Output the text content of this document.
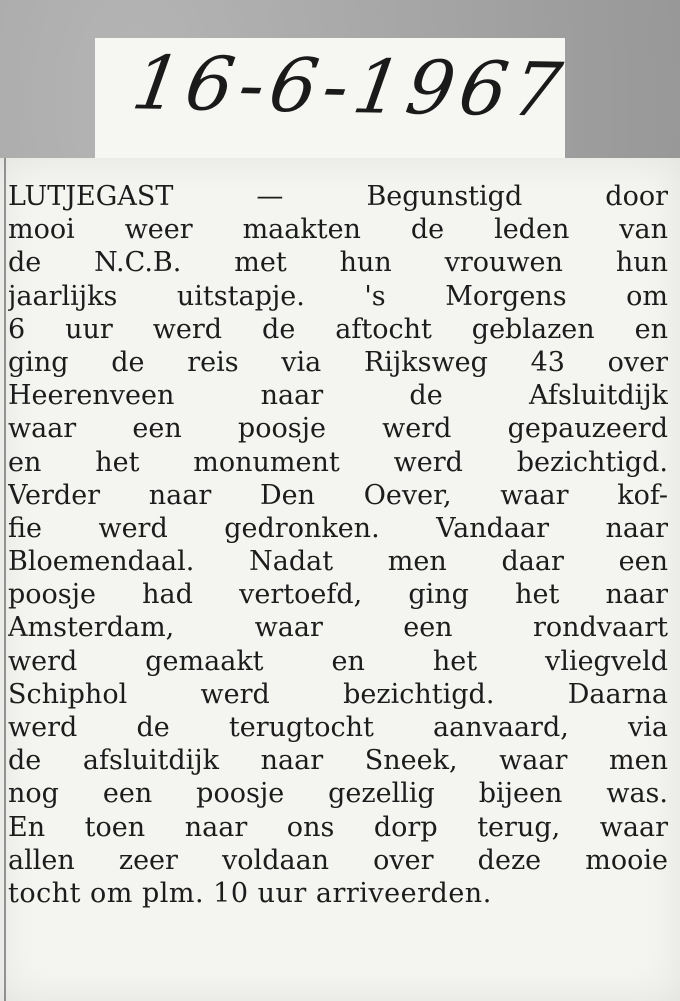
16-6-1967
LUTJEGAST — Begunstigd door
mooi weer maakten de leden van
de N.C.B. met hun vrouwen hun
jaarlijks uitstapje. 's Morgens om
6 uur werd de aftocht geblazen en
ging de reis via Rijksweg 43 over
Heerenveen naar de Afsluitdijk
waar een poosje werd gepauzeerd
en het monument werd bezichtigd.
Verder naar Den Oever, waar kof-
fie werd gedronken. Vandaar naar
Bloemendaal. Nadat men daar een
poosje had vertoefd, ging het naar
Amsterdam, waar een rondvaart
werd gemaakt en het vliegveld
Schiphol werd bezichtigd. Daarna
werd de terugtocht aanvaard, via
de afsluitdijk naar Sneek, waar men
nog een poosje gezellig bijeen was.
En toen naar ons dorp terug, waar
allen zeer voldaan over deze mooie
tocht om plm. 10 uur arriveerden.
